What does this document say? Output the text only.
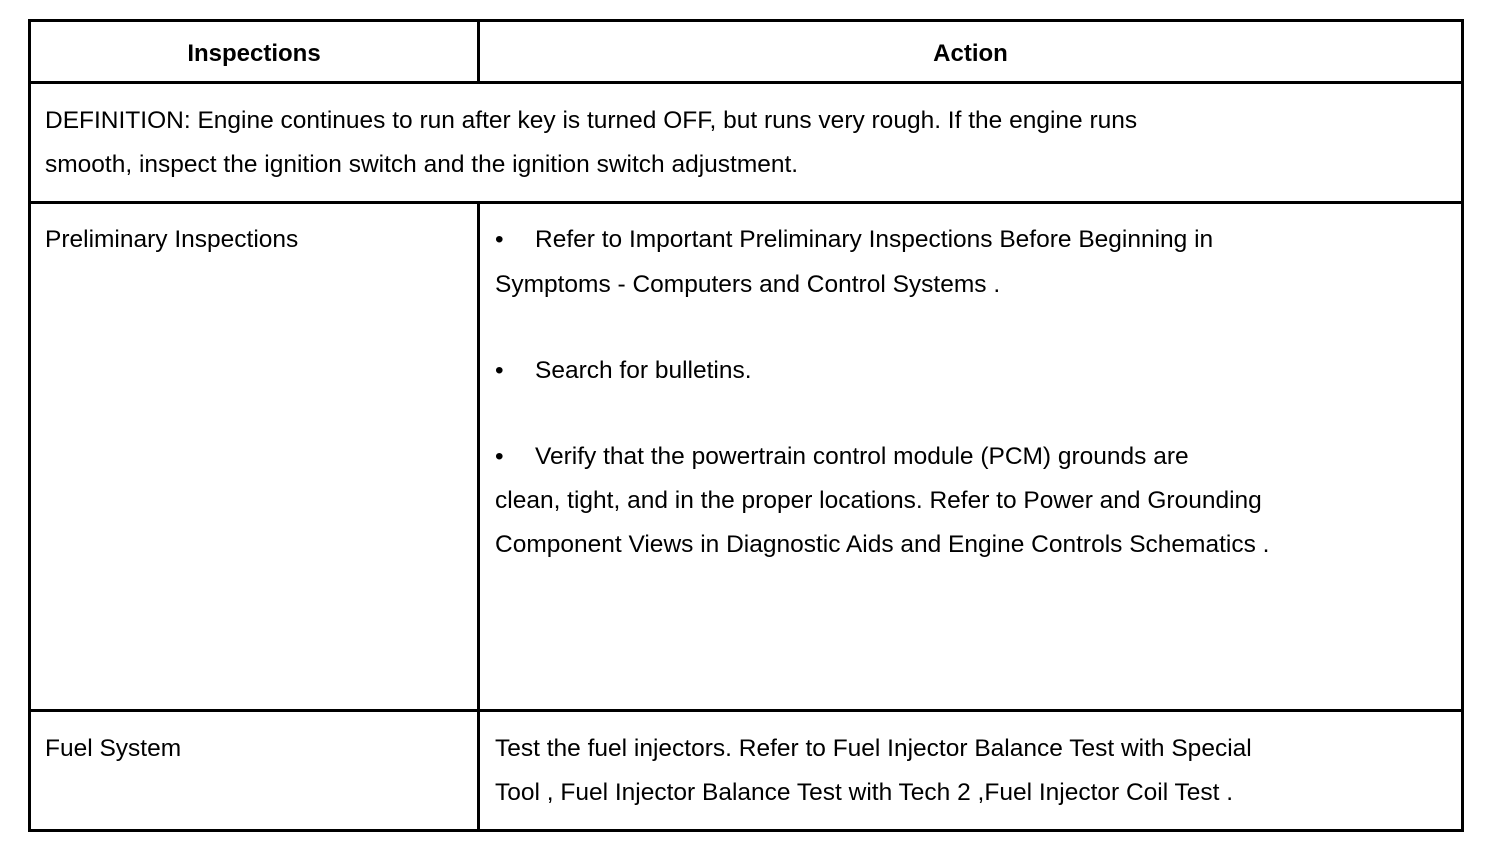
Inspections	Action
DEFINITION: Engine continues to run after key is turned OFF, but runs very rough. If the engine runs
smooth, inspect the ignition switch and the ignition switch adjustment.
Preliminary Inspections	• Refer to Important Preliminary Inspections Before Beginning in
Symptoms - Computers and Control Systems .
• Search for bulletins.
• Verify that the powertrain control module (PCM) grounds are
clean, tight, and in the proper locations. Refer to Power and Grounding
Component Views in Diagnostic Aids and Engine Controls Schematics .
Fuel System	Test the fuel injectors. Refer to Fuel Injector Balance Test with Special
Tool , Fuel Injector Balance Test with Tech 2 ,Fuel Injector Coil Test .
